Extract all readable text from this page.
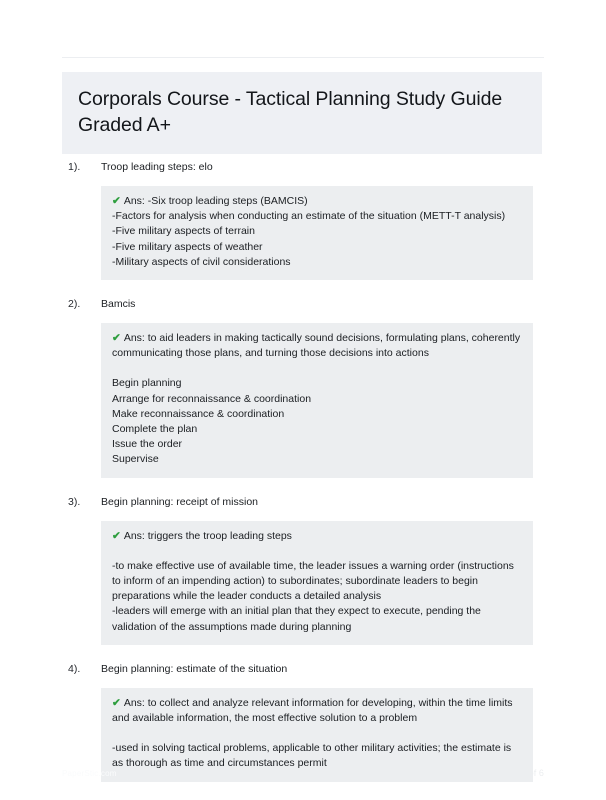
Corporals Course - Tactical Planning Study Guide Graded A+
1).	Troop leading steps: elo
✔ Ans: -Six troop leading steps (BAMCIS)
-Factors for analysis when conducting an estimate of the situation (METT-T analysis)
-Five military aspects of terrain
-Five military aspects of weather
-Military aspects of civil considerations
2).	Bamcis
✔ Ans: to aid leaders in making tactically sound decisions, formulating plans, coherently communicating those plans, and turning those decisions into actions

Begin planning
Arrange for reconnaissance & coordination
Make reconnaissance & coordination
Complete the plan
Issue the order
Supervise
3).	Begin planning: receipt of mission
✔ Ans: triggers the troop leading steps

-to make effective use of available time, the leader issues a warning order (instructions to inform of an impending action) to subordinates; subordinate leaders to begin preparations while the leader conducts a detailed analysis
-leaders will emerge with an initial plan that they expect to execute, pending the validation of the assumptions made during planning
4).	Begin planning: estimate of the situation
✔ Ans: to collect and analyze relevant information for developing, within the time limits and available information, the most effective solution to a problem

-used in solving tactical problems, applicable to other military activities; the estimate is as thorough as time and circumstances permit
PaperStic.com	Page 1 of 6
